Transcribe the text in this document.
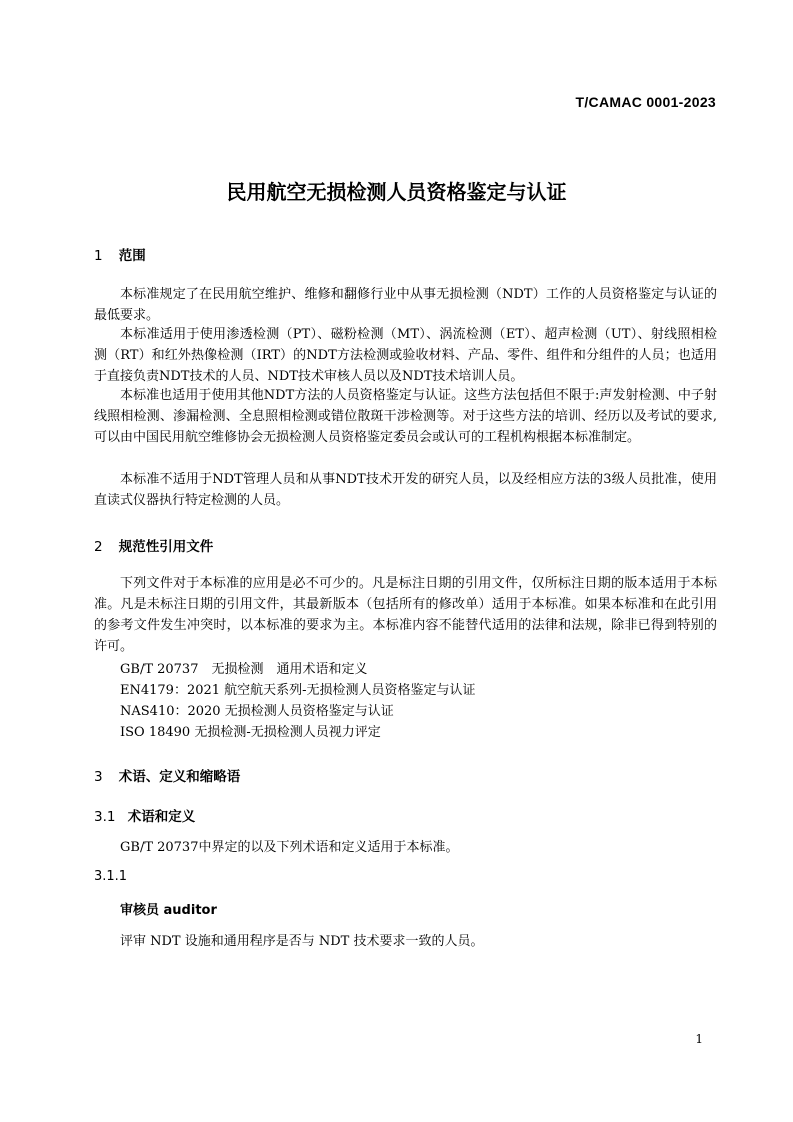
T/CAMAC 0001-2023
民用航空无损检测人员资格鉴定与认证
1 范围

本标准规定了在民用航空维护、维修和翻修行业中从事无损检测（NDT）工作的人员资格鉴定与认证的最低要求。

本标准适用于使用渗透检测（PT）、磁粉检测（MT）、涡流检测（ET）、超声检测（UT）、射线照相检测（RT）和红外热像检测（IRT）的NDT方法检测或验收材料、产品、零件、组件和分组件的人员；也适用于直接负责NDT技术的人员、NDT技术审核人员以及NDT技术培训人员。

本标准也适用于使用其他NDT方法的人员资格鉴定与认证。这些方法包括但不限于:声发射检测、中子射线照相检测、渗漏检测、全息照相检测或错位散斑干涉检测等。对于这些方法的培训、经历以及考试的要求,可以由中国民用航空维修协会无损检测人员资格鉴定委员会或认可的工程机构根据本标准制定。

本标准不适用于NDT管理人员和从事NDT技术开发的研究人员，以及经相应方法的3级人员批准，使用直读式仪器执行特定检测的人员。

2 规范性引用文件

下列文件对于本标准的应用是必不可少的。凡是标注日期的引用文件，仅所标注日期的版本适用于本标准。凡是未标注日期的引用文件，其最新版本（包括所有的修改单）适用于本标准。如果本标准和在此引用的参考文件发生冲突时，以本标准的要求为主。本标准内容不能替代适用的法律和法规，除非已得到特别的许可。

GB/T 20737　无损检测　通用术语和定义
EN4179：2021 航空航天系列-无损检测人员资格鉴定与认证
NAS410：2020 无损检测人员资格鉴定与认证
ISO 18490 无损检测-无损检测人员视力评定
3 术语、定义和缩略语
3.1 术语和定义
GB/T 20737中界定的以及下列术语和定义适用于本标准。
3.1.1
审核员 auditor
评审 NDT 设施和通用程序是否与 NDT 技术要求一致的人员。
1
